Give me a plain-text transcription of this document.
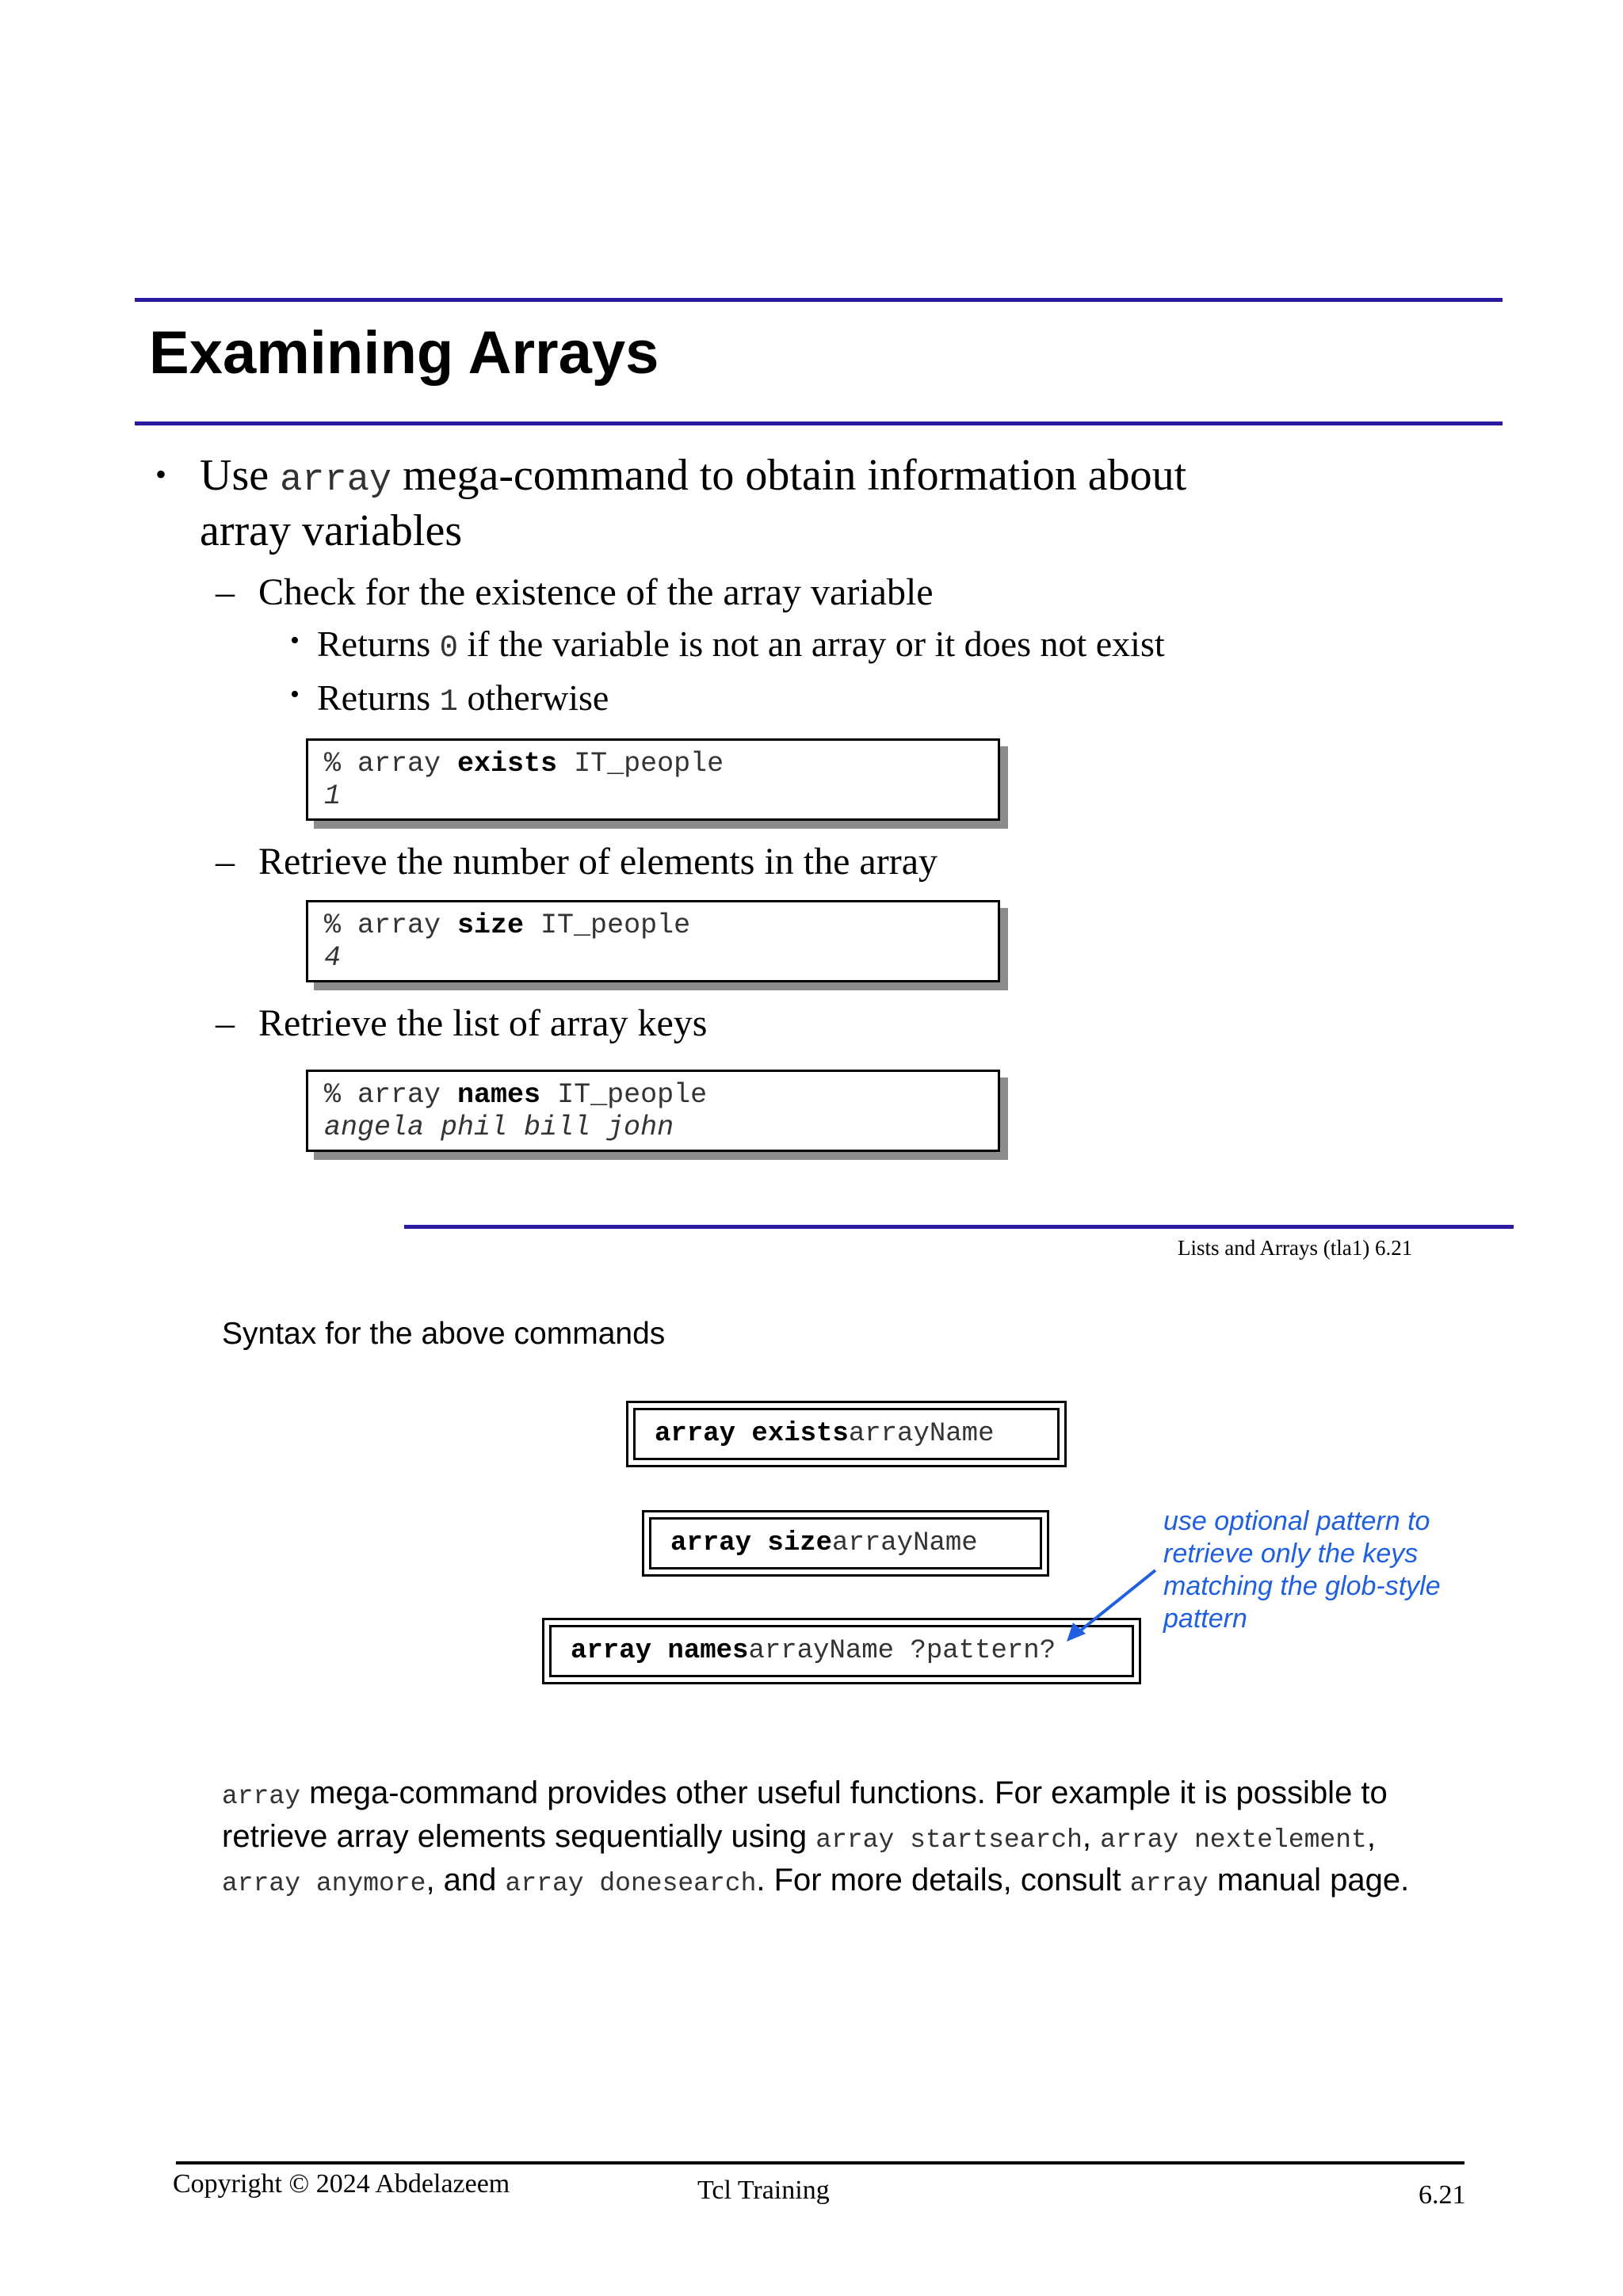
Examining Arrays
• Use array mega-command to obtain information about
array variables
– Check for the existence of the array variable
• Returns 0 if the variable is not an array or it does not exist
• Returns 1 otherwise
% array exists IT_people
1
– Retrieve the number of elements in the array
% array size IT_people
4
– Retrieve the list of array keys
% array names IT_people
angela phil bill john
Lists and Arrays (tla1) 6.21
Syntax for the above commands
array exists arrayName
array size arrayName
array names arrayName ?pattern?
use optional pattern to retrieve only the keys matching the glob-style pattern
array mega-command provides other useful functions. For example it is possible to retrieve array elements sequentially using array startsearch, array nextelement, array anymore, and array donesearch. For more details, consult array manual page.
Copyright © 2024 Abdelazeem	Tcl Training	6.21
